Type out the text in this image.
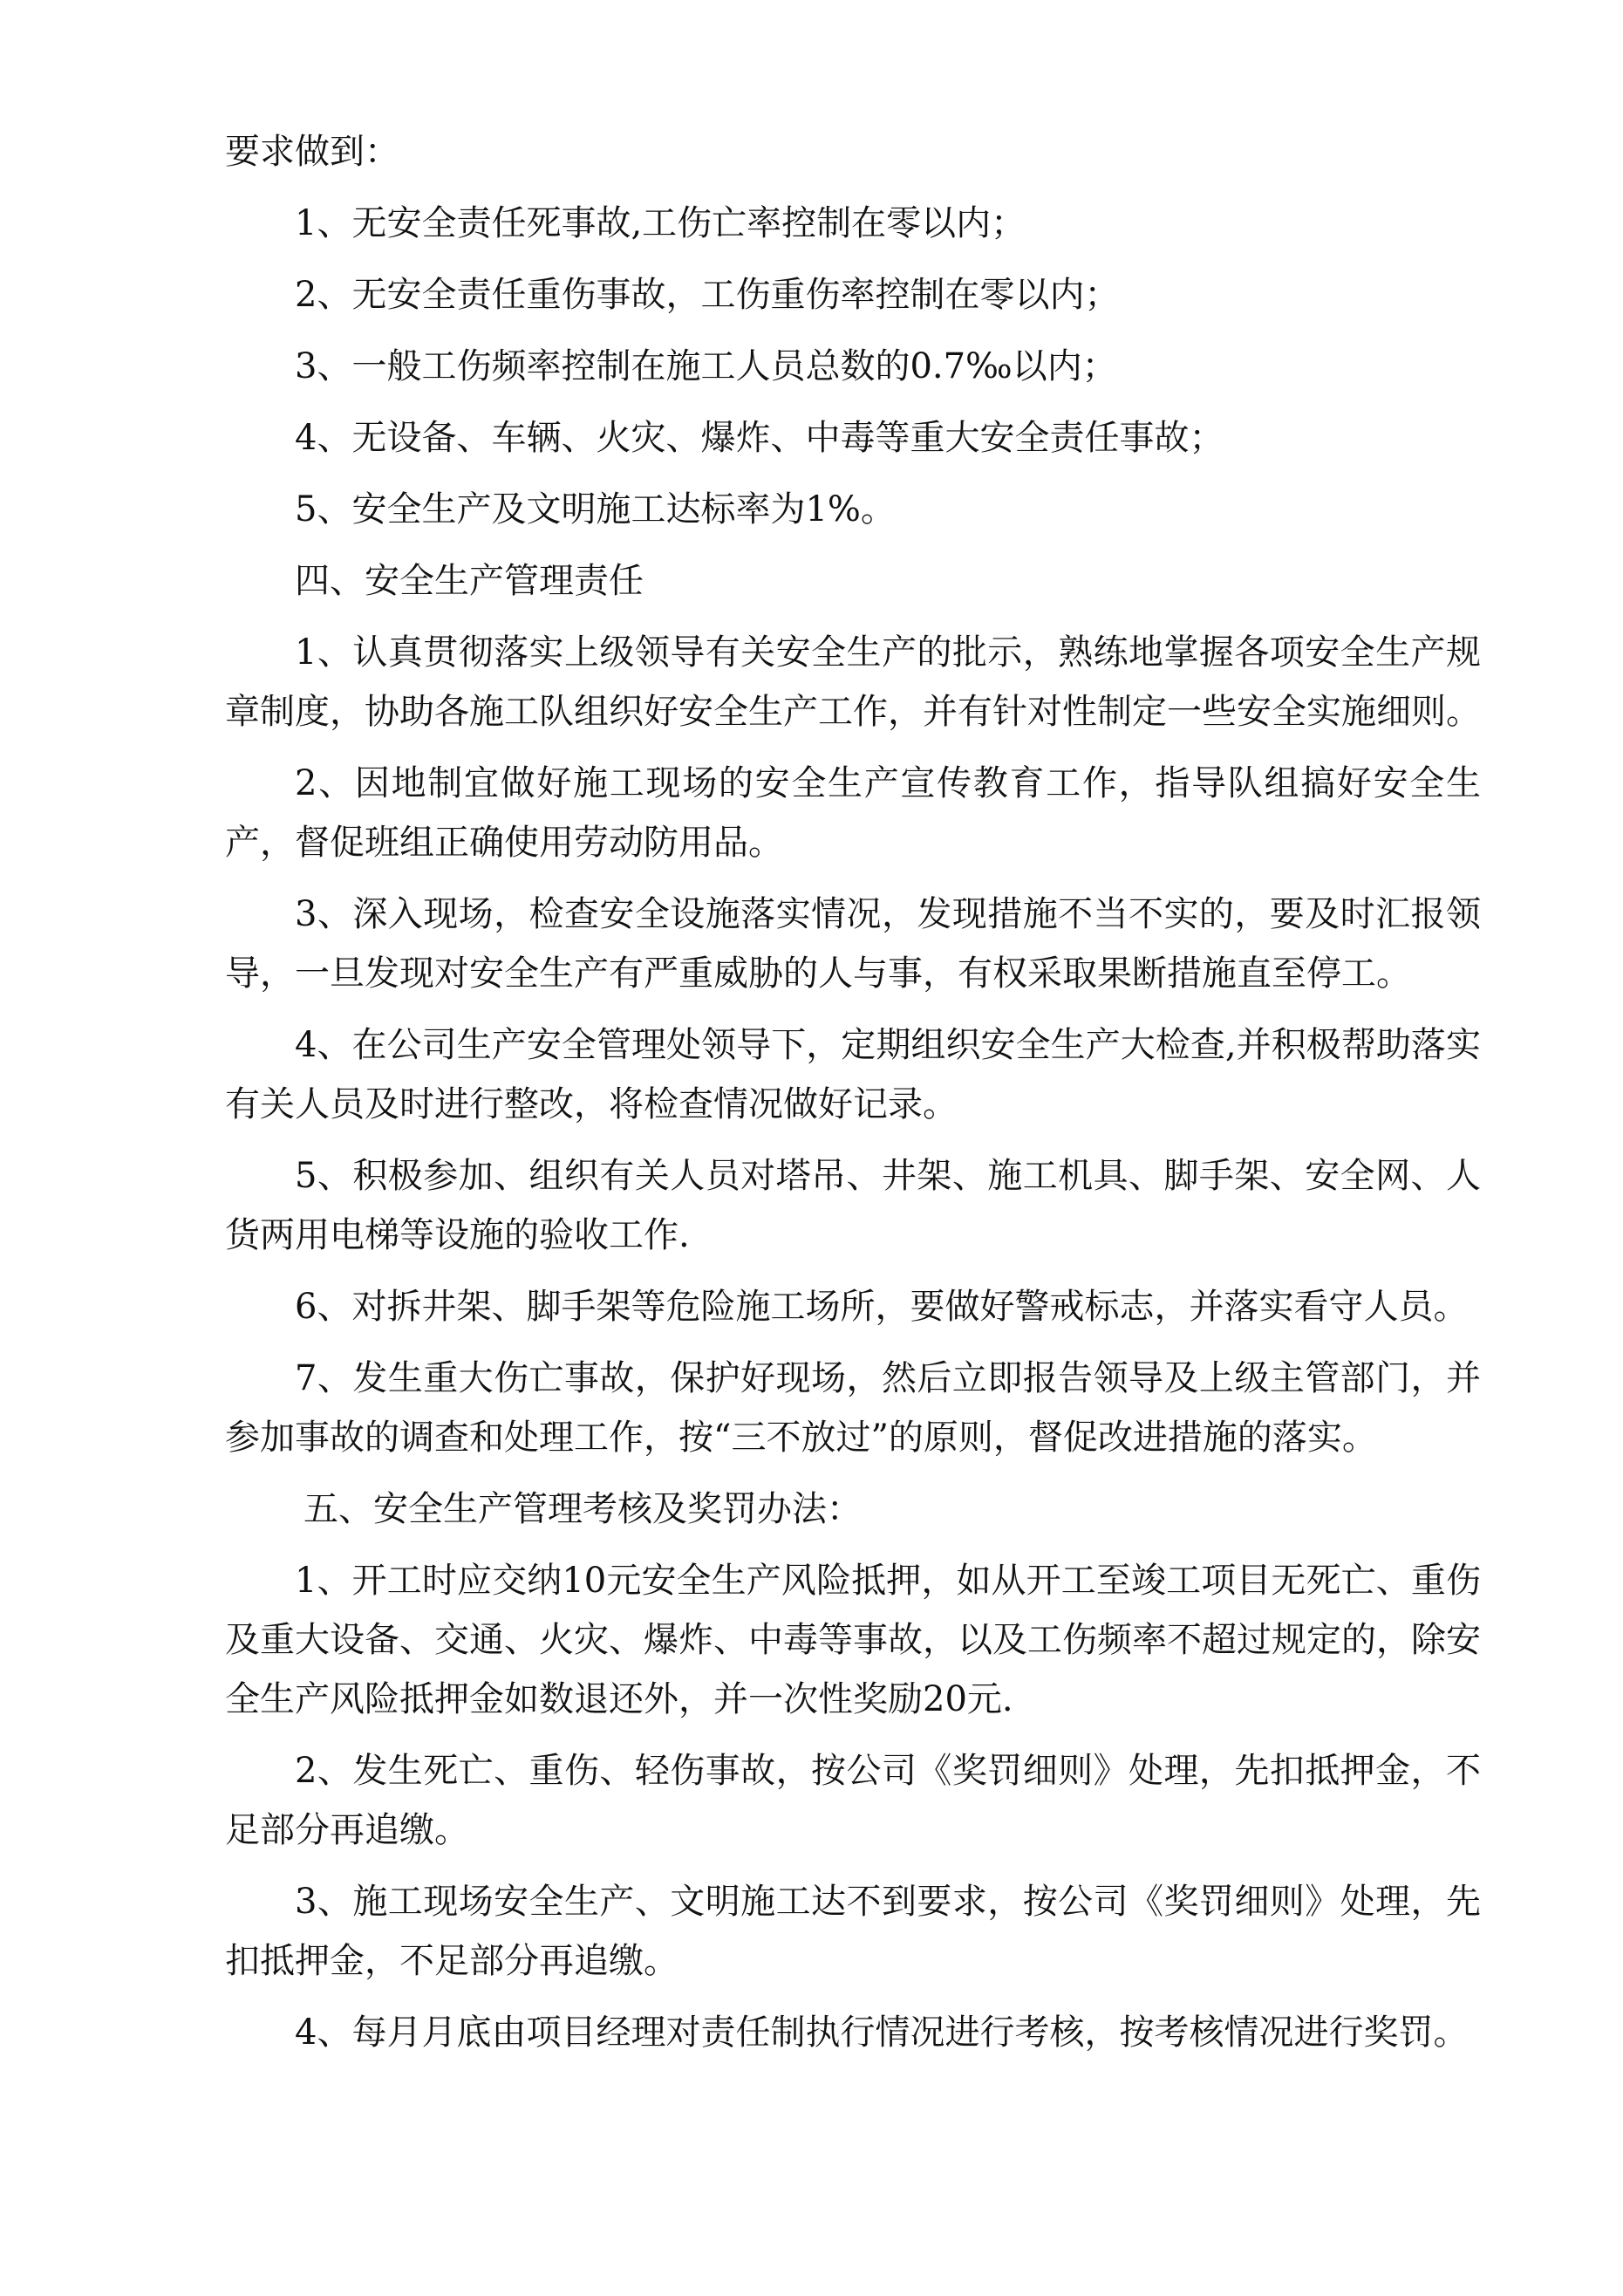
要求做到：

1、无安全责任死事故,工伤亡率控制在零以内；

2、无安全责任重伤事故，工伤重伤率控制在零以内；

3、一般工伤频率控制在施工人员总数的0.7‰以内；

4、无设备、车辆、火灾、爆炸、中毒等重大安全责任事故；

5、安全生产及文明施工达标率为1%。

四、安全生产管理责任

1、认真贯彻落实上级领导有关安全生产的批示，熟练地掌握各项安全生产规章制度，协助各施工队组织好安全生产工作，并有针对性制定一些安全实施细则。

2、因地制宜做好施工现场的安全生产宣传教育工作，指导队组搞好安全生产，督促班组正确使用劳动防用品。

3、深入现场，检查安全设施落实情况，发现措施不当不实的，要及时汇报领导，一旦发现对安全生产有严重威胁的人与事，有权采取果断措施直至停工。

4、在公司生产安全管理处领导下，定期组织安全生产大检查,并积极帮助落实有关人员及时进行整改，将检查情况做好记录。

5、积极参加、组织有关人员对塔吊、井架、施工机具、脚手架、安全网、人货两用电梯等设施的验收工作.

6、对拆井架、脚手架等危险施工场所，要做好警戒标志，并落实看守人员。

7、发生重大伤亡事故，保护好现场，然后立即报告领导及上级主管部门，并参加事故的调查和处理工作，按“三不放过”的原则，督促改进措施的落实。

五、安全生产管理考核及奖罚办法：

1、开工时应交纳10元安全生产风险抵押，如从开工至竣工项目无死亡、重伤及重大设备、交通、火灾、爆炸、中毒等事故，以及工伤频率不超过规定的，除安全生产风险抵押金如数退还外，并一次性奖励20元.

2、发生死亡、重伤、轻伤事故，按公司《奖罚细则》处理，先扣抵押金，不足部分再追缴。

3、施工现场安全生产、文明施工达不到要求，按公司《奖罚细则》处理，先扣抵押金，不足部分再追缴。

4、每月月底由项目经理对责任制执行情况进行考核，按考核情况进行奖罚。
